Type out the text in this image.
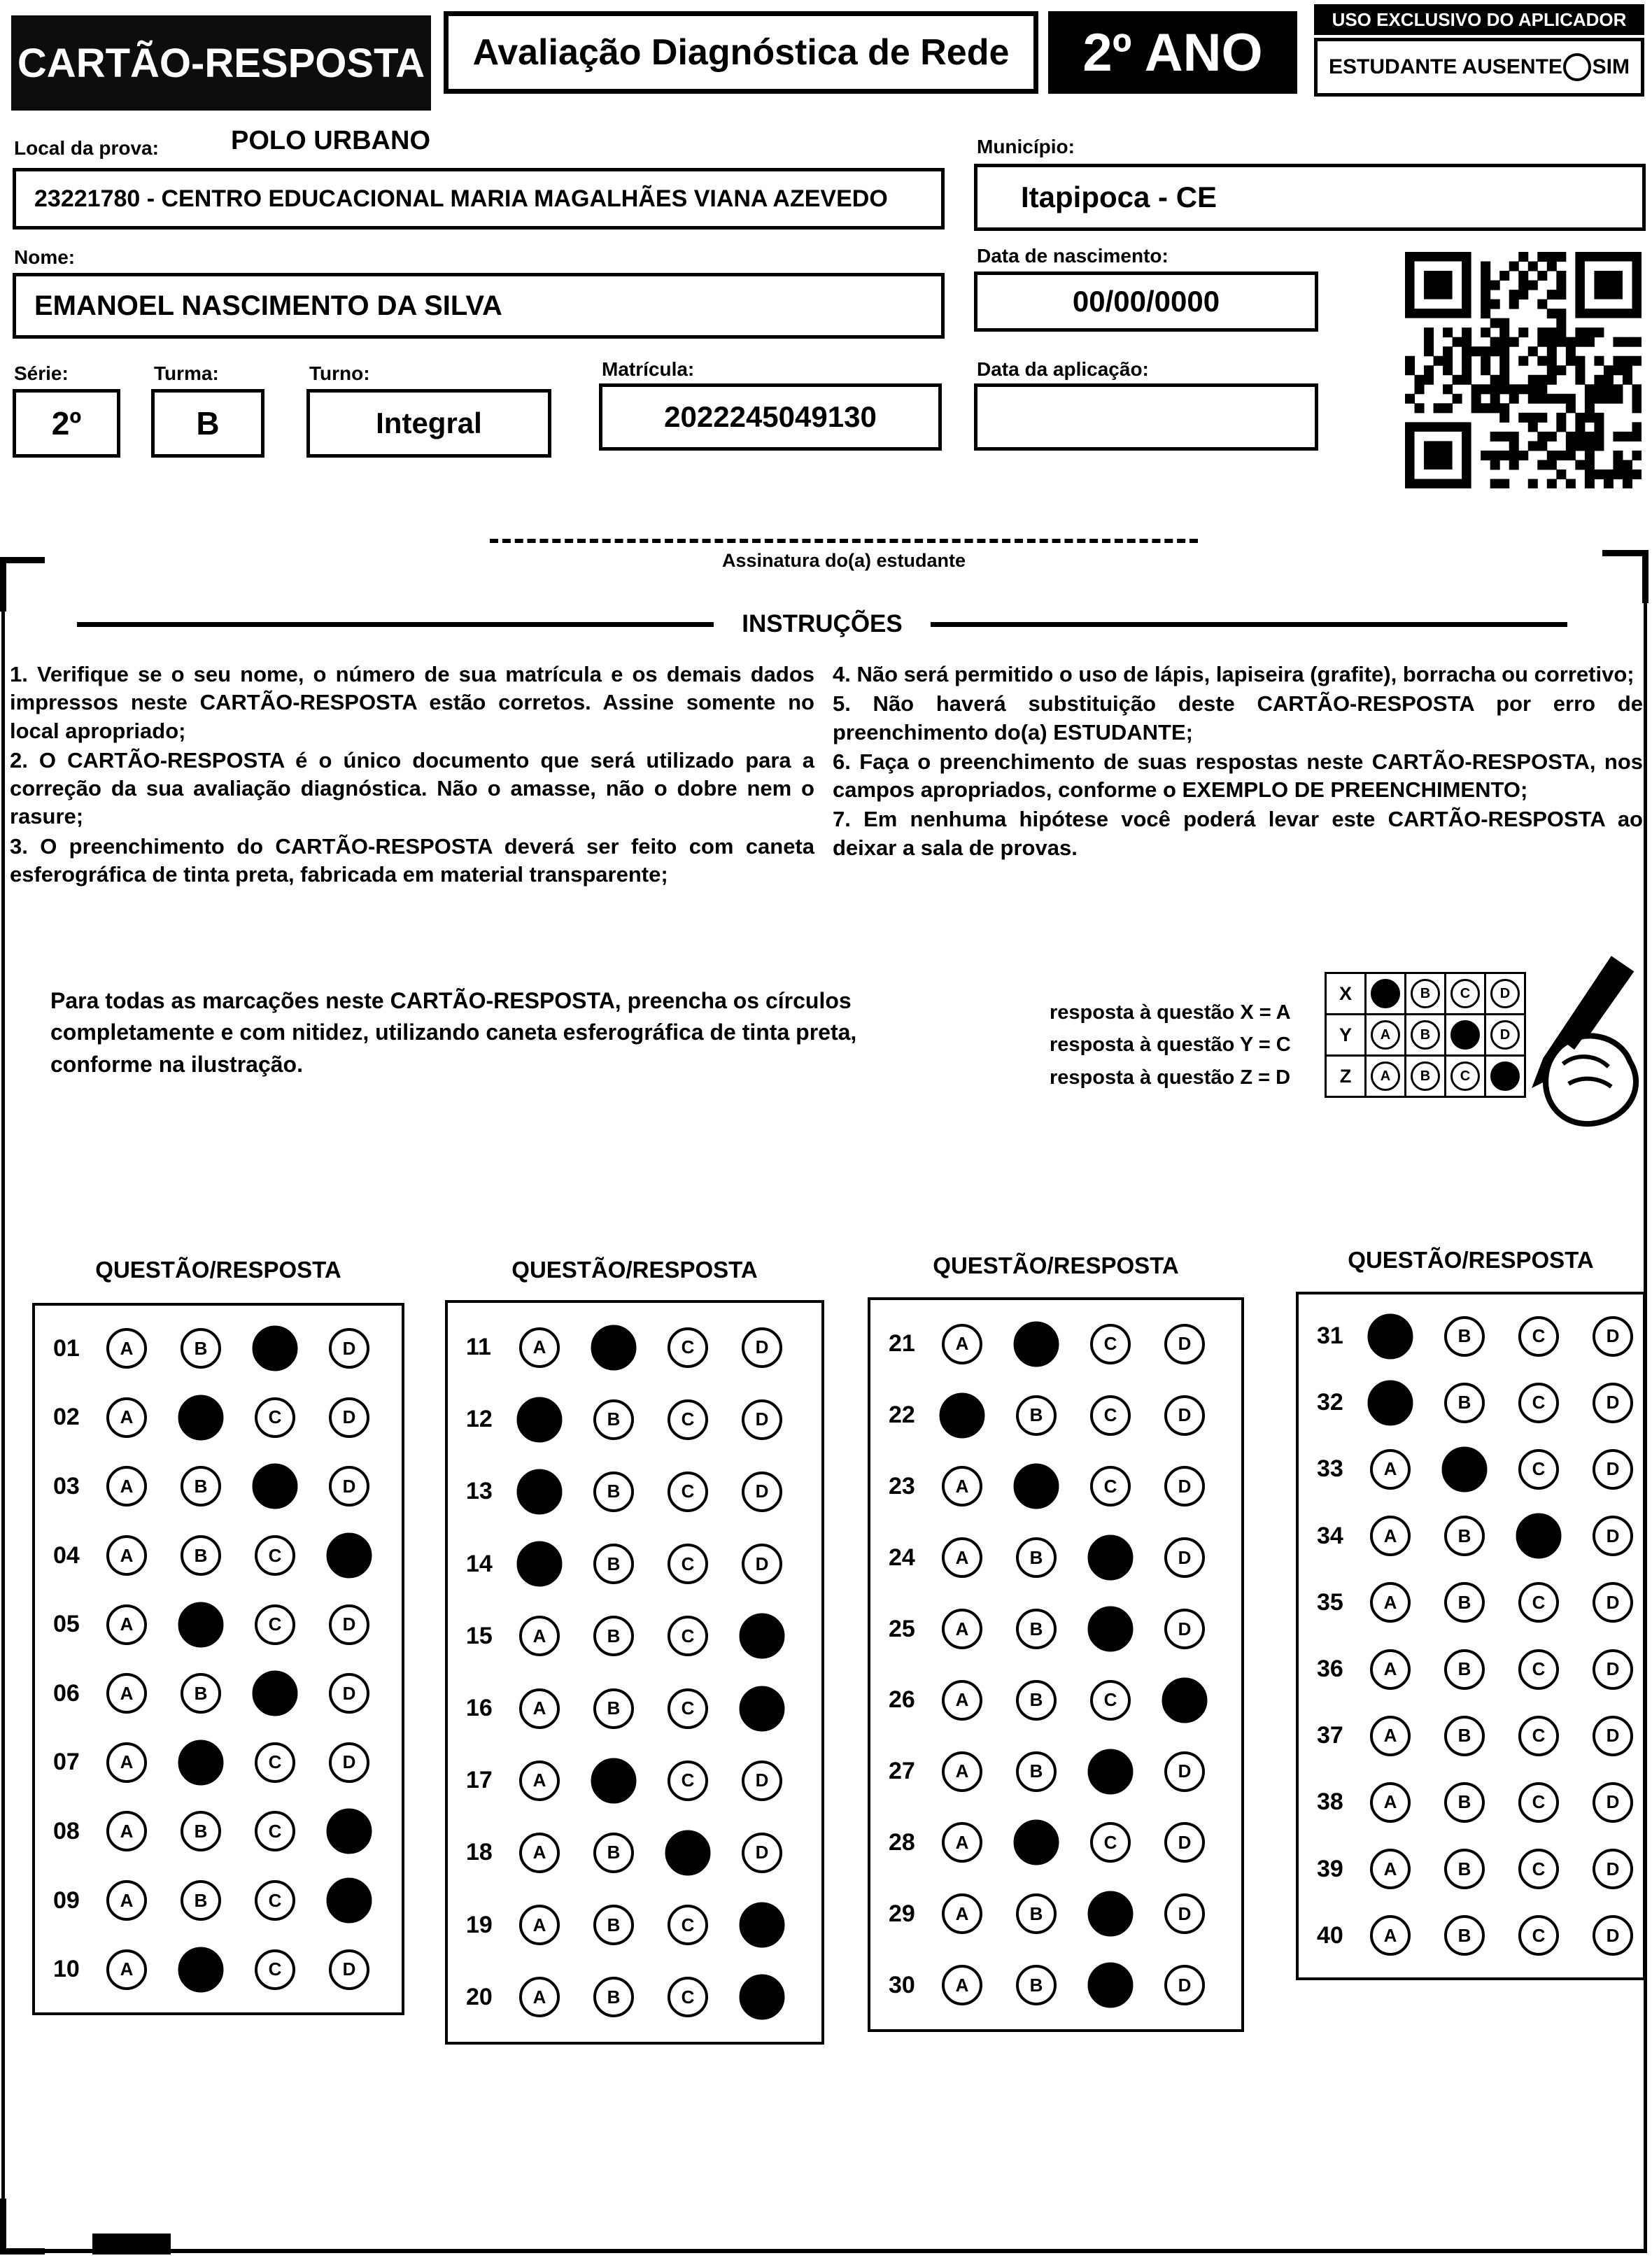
CARTÃO-RESPOSTA Avaliação Diagnóstica de Rede 2º ANO
USO EXCLUSIVO DO APLICADOR
ESTUDANTE AUSENTE SIM
Local da prova:	POLO URBANO
23221780 - CENTRO EDUCACIONAL MARIA MAGALHÃES VIANA AZEVEDO
Município:
Itapipoca - CE
Nome:
EMANOEL NASCIMENTO DA SILVA
Data de nascimento:
00/00/0000
Série:
2º
Turma:
B
Turno:
Integral
Matrícula:
2022245049130
Data da aplicação:
Assinatura do(a) estudante
INSTRUÇÕES

1. Verifique se o seu nome, o número de sua matrícula e os demais dados impressos neste CARTÃO-RESPOSTA estão corretos. Assine somente no local apropriado;

2. O CARTÃO-RESPOSTA é o único documento que será utilizado para a correção da sua avaliação diagnóstica. Não o amasse, não o dobre nem o rasure;

3. O preenchimento do CARTÃO-RESPOSTA deverá ser feito com caneta esferográfica de tinta preta, fabricada em material transparente;

4. Não será permitido o uso de lápis, lapiseira (grafite), borracha ou corretivo;

5. Não haverá substituição deste CARTÃO-RESPOSTA por erro de preenchimento do(a) ESTUDANTE;

6. Faça o preenchimento de suas respostas neste CARTÃO-RESPOSTA, nos campos apropriados, conforme o EXEMPLO DE PREENCHIMENTO;

7. Em nenhuma hipótese você poderá levar este CARTÃO-RESPOSTA ao deixar a sala de provas.

Para todas as marcações neste CARTÃO-RESPOSTA, preencha os círculos completamente e com nitidez, utilizando caneta esferográfica de tinta preta, conforme na ilustração.

resposta à questão X = A

resposta à questão Y = C

resposta à questão Z = D

X	A	B	C	D
Y	A	B	C	D
Z	A	B	C	D
QUESTÃO/RESPOSTA	QUESTÃO/RESPOSTA	QUESTÃO/RESPOSTA	QUESTÃO/RESPOSTA
01	A	B	C	D
02	A	B	C	D
03	A	B	C	D
04	A	B	C	D
05	A	B	C	D
06	A	B	C	D
07	A	B	C	D
08	A	B	C	D
09	A	B	C	D
10	A	B	C	D
11	A	B	C	D
12	A	B	C	D
13	A	B	C	D
14	A	B	C	D
15	A	B	C	D
16	A	B	C	D
17	A	B	C	D
18	A	B	C	D
19	A	B	C	D
20	A	B	C	D
21	A	B	C	D
22	A	B	C	D
23	A	B	C	D
24	A	B	C	D
25	A	B	C	D
26	A	B	C	D
27	A	B	C	D
28	A	B	C	D
29	A	B	C	D
30	A	B	C	D
31	A	B	C	D
32	A	B	C	D
33	A	B	C	D
34	A	B	C	D
35	A	B	C	D
36	A	B	C	D
37	A	B	C	D
38	A	B	C	D
39	A	B	C	D
40	A	B	C	D
